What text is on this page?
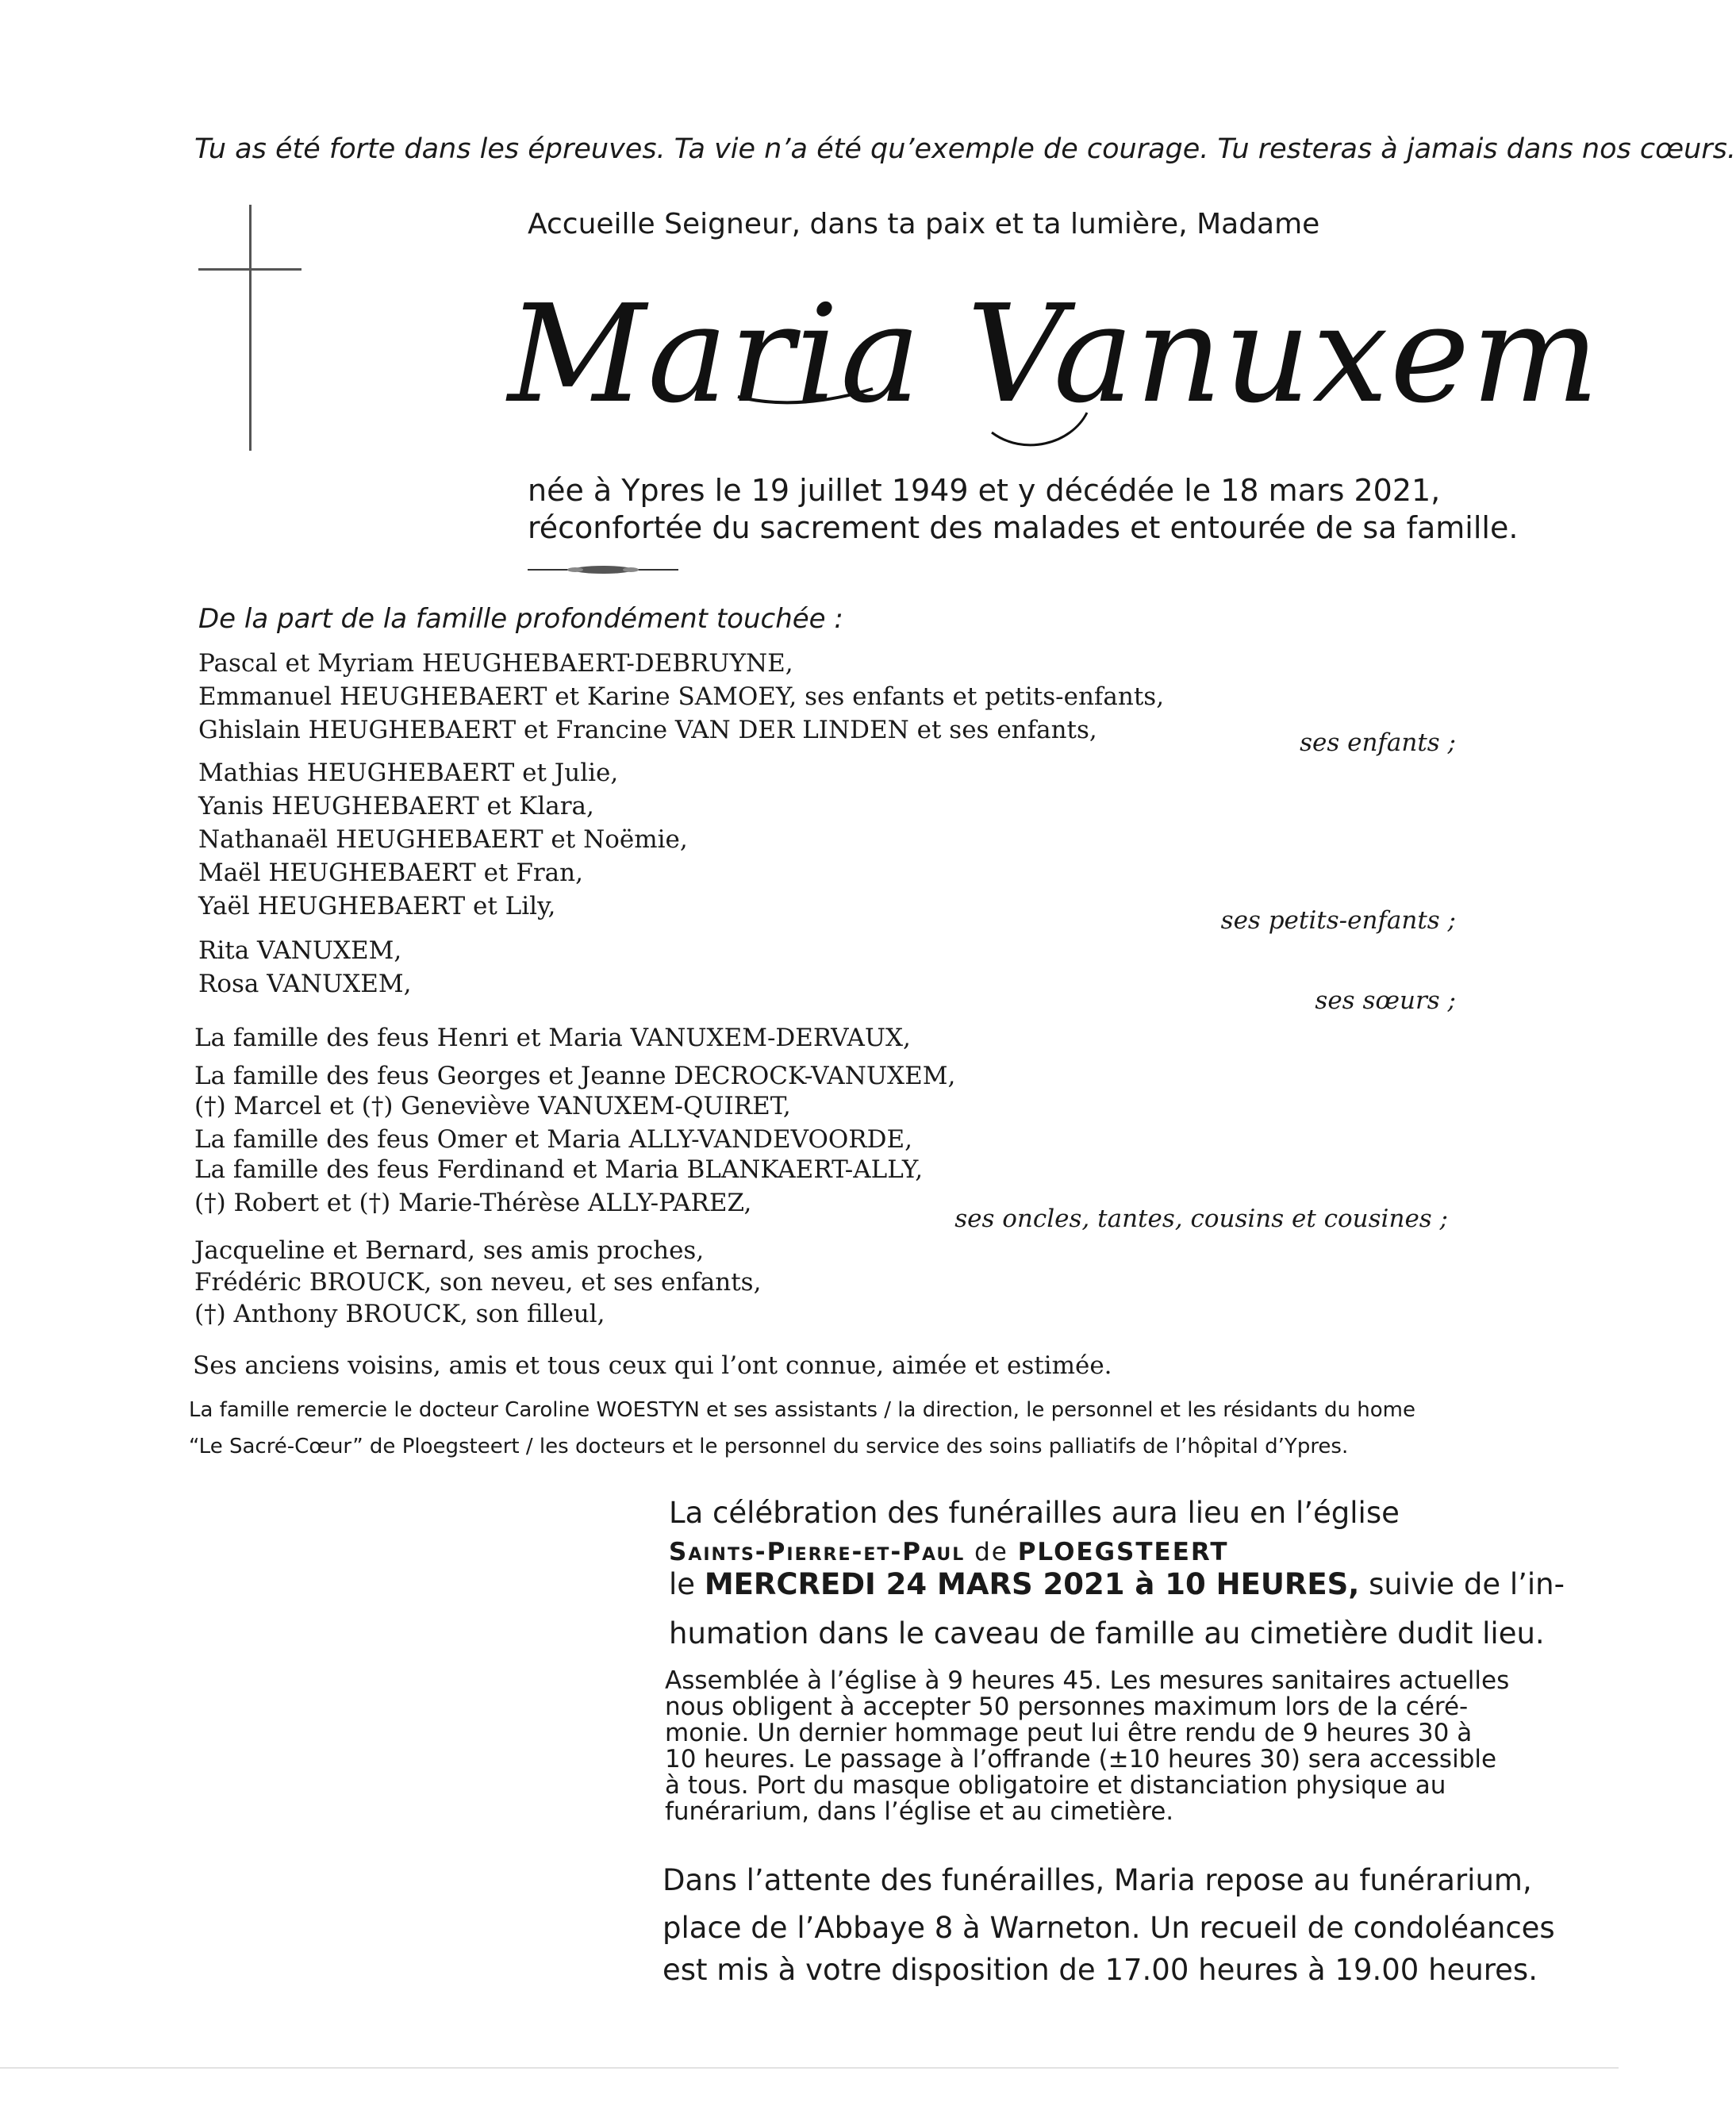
Tu as été forte dans les épreuves. Ta vie n’a été qu’exemple de courage. Tu resteras à jamais dans nos cœurs.
Accueille Seigneur, dans ta paix et ta lumière, Madame
Maria Vanuxem
née à Ypres le 19 juillet 1949 et y décédée le 18 mars 2021,
réconfortée du sacrement des malades et entourée de sa famille.
De la part de la famille profondément touchée :
Pascal et Myriam HEUGHEBAERT-DEBRUYNE,
Emmanuel HEUGHEBAERT et Karine SAMOEY, ses enfants et petits-enfants,
Ghislain HEUGHEBAERT et Francine VAN DER LINDEN et ses enfants,	ses enfants ;
Mathias HEUGHEBAERT et Julie,
Yanis HEUGHEBAERT et Klara,
Nathanaël HEUGHEBAERT et Noëmie,
Maël HEUGHEBAERT et Fran,
Yaël HEUGHEBAERT et Lily,	ses petits-enfants ;
Rita VANUXEM,
Rosa VANUXEM,
ses sœurs ;
La famille des feus Henri et Maria VANUXEM-DERVAUX,
La famille des feus Georges et Jeanne DECROCK-VANUXEM,
(†) Marcel et (†) Geneviève VANUXEM-QUIRET,
La famille des feus Omer et Maria ALLY-VANDEVOORDE,
La famille des feus Ferdinand et Maria BLANKAERT-ALLY,
(†) Robert et (†) Marie-Thérèse ALLY-PAREZ,
ses oncles, tantes, cousins et cousines ;
Jacqueline et Bernard, ses amis proches,
Frédéric BROUCK, son neveu, et ses enfants,
(†) Anthony BROUCK, son filleul,
Ses anciens voisins, amis et tous ceux qui l’ont connue, aimée et estimée.
La famille remercie le docteur Caroline WOESTYN et ses assistants / la direction, le personnel et les résidants du home
“Le Sacré-Cœur” de Ploegsteert / les docteurs et le personnel du service des soins palliatifs de l’hôpital d’Ypres.
La célébration des funérailles aura lieu en l’église
Saints-Pierre-et-Paul de PLOEGSTEERT
le MERCREDI 24 MARS 2021 à 10 HEURES, suivie de l’in-
humation dans le caveau de famille au cimetière dudit lieu.
Assemblée à l’église à 9 heures 45. Les mesures sanitaires actuelles
nous obligent à accepter 50 personnes maximum lors de la céré-
monie. Un dernier hommage peut lui être rendu de 9 heures 30 à
10 heures. Le passage à l’offrande (±10 heures 30) sera accessible
à tous. Port du masque obligatoire et distanciation physique au
funérarium, dans l’église et au cimetière.
Dans l’attente des funérailles, Maria repose au funérarium,
place de l’Abbaye 8 à Warneton. Un recueil de condoléances
est mis à votre disposition de 17.00 heures à 19.00 heures.
